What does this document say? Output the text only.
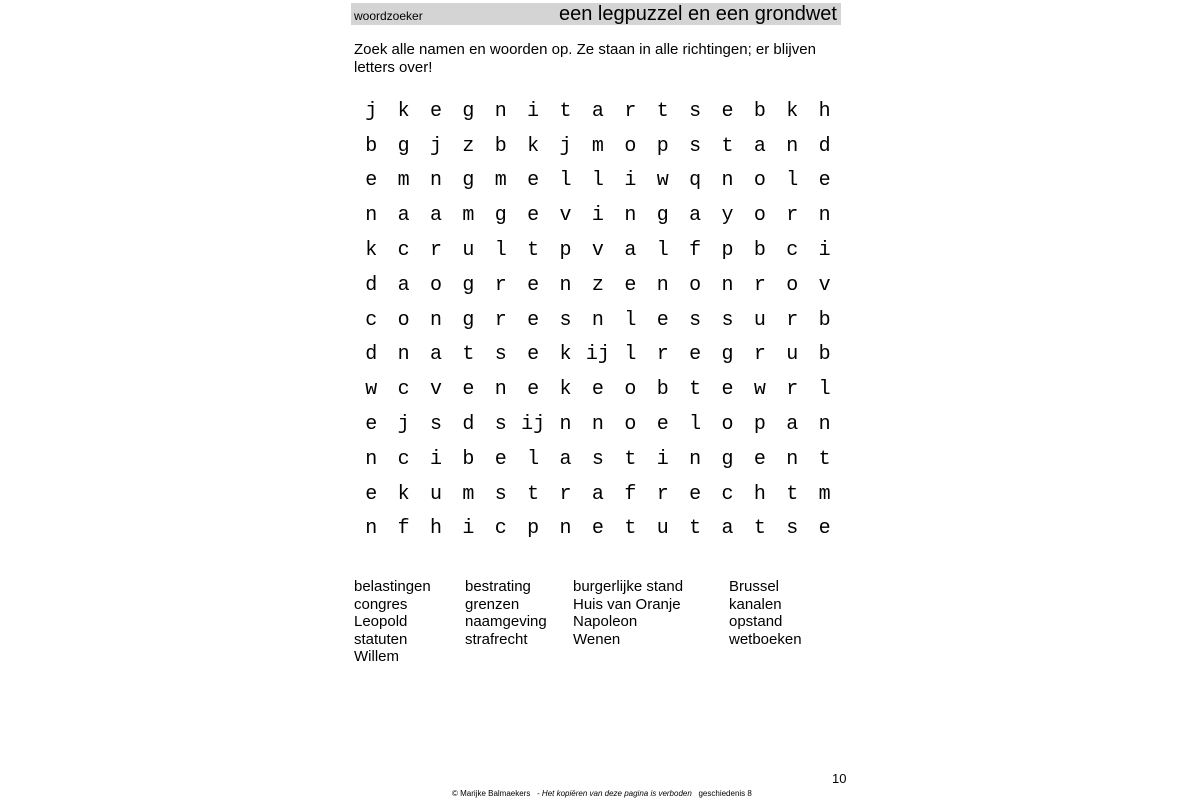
woordzoeker	een legpuzzel en een grondwet
Zoek alle namen en woorden op. Ze staan in alle richtingen; er blijven letters over!
j	k	e	g	n	i	t	a	r	t	s	e	b	k	h
b	g	j	z	b	k	j	m	o	p	s	t	a	n	d
e	m	n	g	m	e	l	l	i	w	q	n	o	l	e
n	a	a	m	g	e	v	i	n	g	a	y	o	r	n
k	c	r	u	l	t	p	v	a	l	f	p	b	c	i
d	a	o	g	r	e	n	z	e	n	o	n	r	o	v
c	o	n	g	r	e	s	n	l	e	s	s	u	r	b
d	n	a	t	s	e	k ij l	r	e	g	r	u	b
w	c	v	e	n	e	k	e	o	b	t	e	w	r	l
e	j	s	d	s ij n	n	o	e	l	o	p	a	n
n	c	i	b	e	l	a	s	t	i	n	g	e	n	t
e	k	u	m	s	t	r	a	f	r	e	c	h	t	m
n	f	h	i	c	p	n	e	t	u	t	a	t	s	e
belastingen
congres
Leopold
statuten
Willem
bestrating
grenzen
naamgeving
strafrecht
burgerlijke stand
Huis van Oranje
Napoleon
Wenen
Brussel
kanalen
opstand
wetboeken
10
© Marijke Balmaekers - Het kopiëren van deze pagina is verboden geschiedenis 8
